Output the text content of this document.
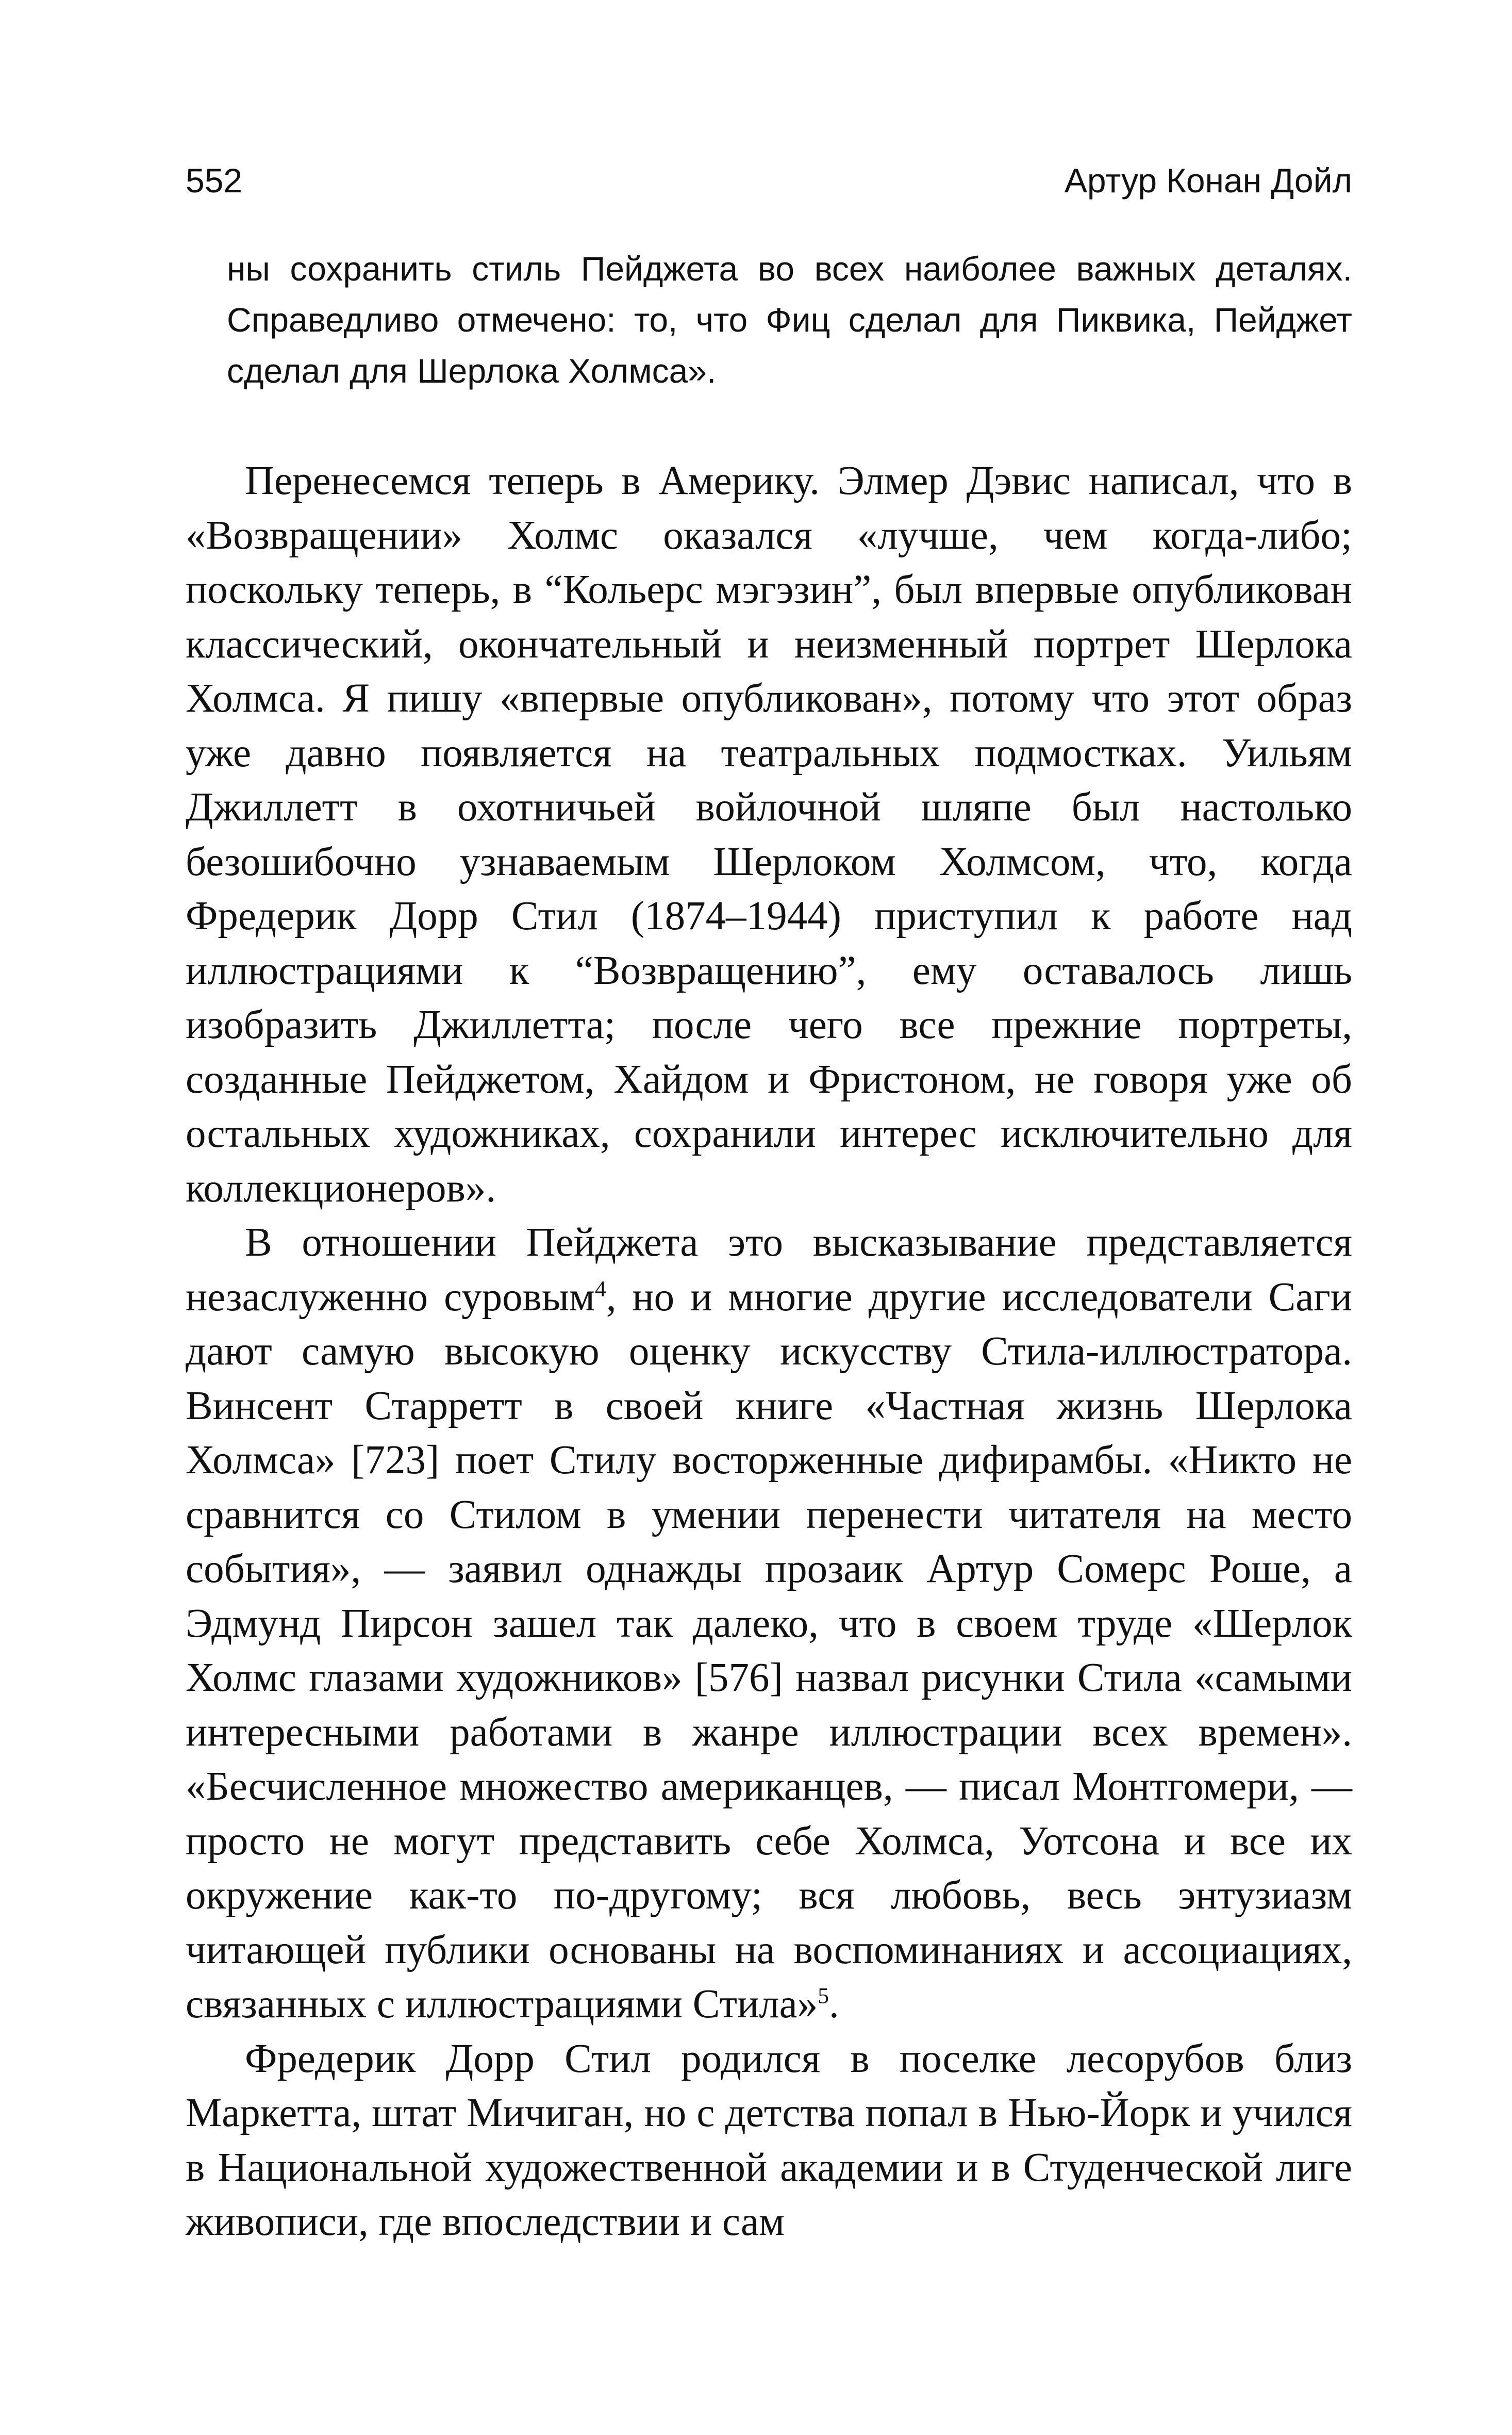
552	Артур Конан Дойл
ны сохранить стиль Пейджета во всех наиболее важных деталях. Справедливо отмечено: то, что Фиц сделал для Пиквика, Пейджет сделал для Шерлока Холмса».

Перенесемся теперь в Америку. Элмер Дэвис написал, что в «Возвращении» Холмс оказался «лучше, чем когда-либо; поскольку теперь, в “Кольерс мэгэзин”, был впервые опубликован классический, окончательный и неизменный портрет Шерлока Холмса. Я пишу «впервые опубликован», потому что этот образ уже давно появляется на театральных подмостках. Уильям Джиллетт в охотничьей войлочной шляпе был настолько безошибочно узнаваемым Шерлоком Холмсом, что, когда Фредерик Дорр Стил (1874–1944) приступил к работе над иллюстрациями к “Возвращению”, ему оставалось лишь изобразить Джиллетта; после чего все прежние портреты, созданные Пейджетом, Хайдом и Фристоном, не говоря уже об остальных художниках, сохранили интерес исключительно для коллекционеров».

В отношении Пейджета это высказывание представляется незаслуженно суровым$^4$, но и многие другие исследователи Саги дают самую высокую оценку искусству Стила-иллюстратора. Винсент Старретт в своей книге «Частная жизнь Шерлока Холмса» [723] поет Стилу восторженные дифирамбы. «Никто не сравнится со Стилом в умении перенести читателя на место события», — заявил однажды прозаик Артур Сомерс Роше, а Эдмунд Пирсон зашел так далеко, что в своем труде «Шерлок Холмс глазами художников» [576] назвал рисунки Стила «самыми интересными работами в жанре иллюстрации всех времен». «Бесчисленное множество американцев, — писал Монтгомери, — просто не могут представить себе Холмса, Уотсона и все их окружение как-то по-другому; вся любовь, весь энтузиазм читающей публики основаны на воспоминаниях и ассоциациях, связанных с иллюстрациями Стила»$^5$.

Фредерик Дорр Стил родился в поселке лесорубов близ Маркетта, штат Мичиган, но с детства попал в Нью-Йорк и учился в Национальной художественной академии и в Студенческой лиге живописи, где впоследствии и сам
